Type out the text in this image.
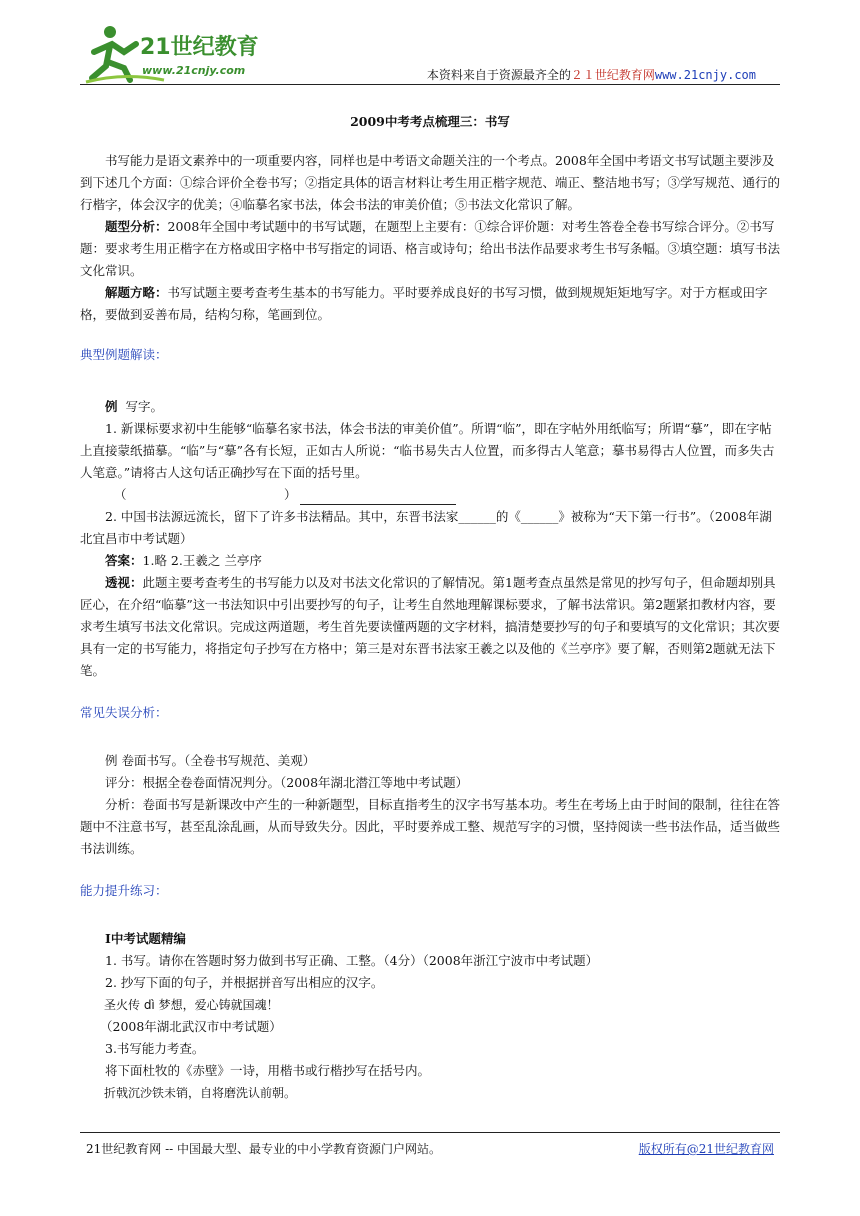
21世纪教育
www.21cnjy.com	本资料来自于资源最齐全的２１世纪教育网www.21cnjy.com
2009中考考点梳理三：书写

书写能力是语文素养中的一项重要内容，同样也是中考语文命题关注的一个考点。2008年全国中考语文书写试题主要涉及到下述几个方面：①综合评价全卷书写；②指定具体的语言材料让考生用正楷字规范、端正、整洁地书写；③学写规范、通行的行楷字，体会汉字的优美；④临摹名家书法，体会书法的审美价值；⑤书法文化常识了解。

题型分析：2008年全国中考试题中的书写试题，在题型上主要有：①综合评价题：对考生答卷全卷书写综合评分。②书写题：要求考生用正楷字在方格或田字格中书写指定的词语、格言或诗句；给出书法作品要求考生书写条幅。③填空题：填写书法文化常识。

解题方略：书写试题主要考查考生基本的书写能力。平时要养成良好的书写习惯，做到规规矩矩地写字。对于方框或田字格，要做到妥善布局，结构匀称，笔画到位。

典型例题解读：

例 写字。

1. 新课标要求初中生能够“临摹名家书法，体会书法的审美价值”。所谓“临”，即在字帖外用纸临写；所谓“摹”，即在字帖上直接蒙纸描摹。“临”与“摹”各有长短，正如古人所说：“临书易失古人位置，而多得古人笔意；摹书易得古人位置，而多失古人笔意。”请将古人这句话正确抄写在下面的括号里。

（	）

2. 中国书法源远流长，留下了许多书法精品。其中，东晋书法家______的《______》被称为“天下第一行书”。（2008年湖北宜昌市中考试题）

答案：1.略 2.王羲之 兰亭序

透视：此题主要考查考生的书写能力以及对书法文化常识的了解情况。第1题考查点虽然是常见的抄写句子，但命题却别具匠心，在介绍“临摹”这一书法知识中引出要抄写的句子，让考生自然地理解课标要求，了解书法常识。第2题紧扣教材内容，要求考生填写书法文化常识。完成这两道题，考生首先要读懂两题的文字材料，搞清楚要抄写的句子和要填写的文化常识；其次要具有一定的书写能力，将指定句子抄写在方格中；第三是对东晋书法家王羲之以及他的《兰亭序》要了解，否则第2题就无法下笔。

常见失误分析：

例 卷面书写。（全卷书写规范、美观）

评分：根据全卷卷面情况判分。（2008年湖北潜江等地中考试题）

分析：卷面书写是新课改中产生的一种新题型，目标直指考生的汉字书写基本功。考生在考场上由于时间的限制，往往在答题中不注意书写，甚至乱涂乱画，从而导致失分。因此，平时要养成工整、规范写字的习惯，坚持阅读一些书法作品，适当做些书法训练。

能力提升练习：

Ⅰ中考试题精编

1. 书写。请你在答题时努力做到书写正确、工整。（4分）（2008年浙江宁波市中考试题）

2. 抄写下面的句子，并根据拼音写出相应的汉字。

圣火传 dì 梦想，爱心铸就国魂！

（2008年湖北武汉市中考试题）

3.书写能力考查。

将下面杜牧的《赤壁》一诗，用楷书或行楷抄写在括号内。

折戟沉沙铁未销，自将磨洗认前朝。

21世纪教育网 -- 中国最大型、最专业的中小学教育资源门户网站。	版权所有@21世纪教育网
